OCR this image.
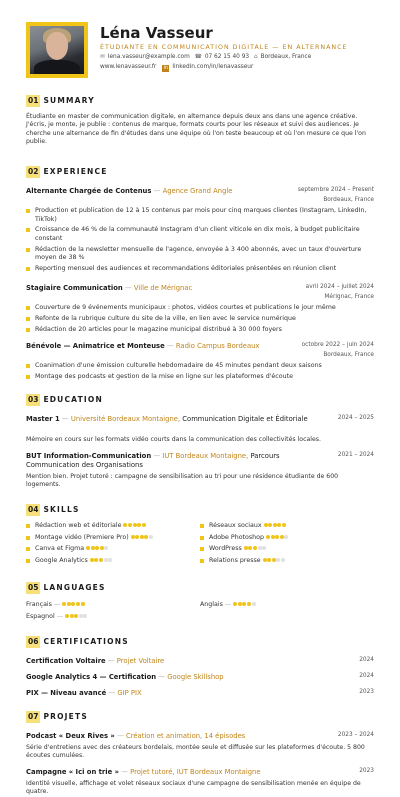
Léna Vasseur
ÉTUDIANTE EN COMMUNICATION DIGITALE — EN ALTERNANCE
✉ lena.vasseur@example.com ☎ 07 62 15 40 93 ⌂ Bordeaux, France
www.lenavasseur.fr in linkedin.com/in/lenavasseur
01 SUMMARY
Étudiante en master de communication digitale, en alternance depuis deux ans dans une agence créative. J'écris, je monte, je publie : contenus de marque, formats courts pour les réseaux et suivi des audiences. Je cherche une alternance de fin d'études dans une équipe où l'on teste beaucoup et où l'on mesure ce que l'on publie.
02 EXPERIENCE
Alternante Chargée de Contenus — Agence Grand Angle	septembre 2024 – Present
Bordeaux, France
Production et publication de 12 à 15 contenus par mois pour cinq marques clientes (Instagram, LinkedIn, TikTok)
Croissance de 46 % de la communauté Instagram d'un client viticole en dix mois, à budget publicitaire constant
Rédaction de la newsletter mensuelle de l'agence, envoyée à 3 400 abonnés, avec un taux d'ouverture moyen de 38 %
Reporting mensuel des audiences et recommandations éditoriales présentées en réunion client
Stagiaire Communication — Ville de Mérignac	avril 2024 – juillet 2024
Mérignac, France
Couverture de 9 événements municipaux : photos, vidéos courtes et publications le jour même
Refonte de la rubrique culture du site de la ville, en lien avec le service numérique
Rédaction de 20 articles pour le magazine municipal distribué à 30 000 foyers
Bénévole — Animatrice et Monteuse — Radio Campus Bordeaux	octobre 2022 – juin 2024
Bordeaux, France
Coanimation d'une émission culturelle hebdomadaire de 45 minutes pendant deux saisons
Montage des podcasts et gestion de la mise en ligne sur les plateformes d'écoute
03 EDUCATION
Master 1 — Université Bordeaux Montaigne, Communication Digitale et Éditoriale	2024 – 2025
Mémoire en cours sur les formats vidéo courts dans la communication des collectivités locales.
BUT Information-Communication — IUT Bordeaux Montaigne, Parcours Communication des Organisations
2021 – 2024
Mention bien. Projet tutoré : campagne de sensibilisation au tri pour une résidence étudiante de 600 logements.
04 SKILLS
Rédaction web et éditoriale	Réseaux sociaux
Montage vidéo (Premiere Pro)	Adobe Photoshop
Canva et Figma	WordPress
Google Analytics	Relations presse
05 LANGUAGES
Français —	Anglais —
Espagnol —
06 CERTIFICATIONS
Certification Voltaire — Projet Voltaire	2024
Google Analytics 4 — Certification — Google Skillshop	2024
PIX — Niveau avancé — GIP PIX	2023
07 PROJETS
Podcast « Deux Rives » — Création et animation, 14 épisodes	2023 – 2024
Série d'entretiens avec des créateurs bordelais, montée seule et diffusée sur les plateformes d'écoute. 5 800 écoutes cumulées.
Campagne « Ici on trie » — Projet tutoré, IUT Bordeaux Montaigne	2023
Identité visuelle, affichage et volet réseaux sociaux d'une campagne de sensibilisation menée en équipe de quatre.
